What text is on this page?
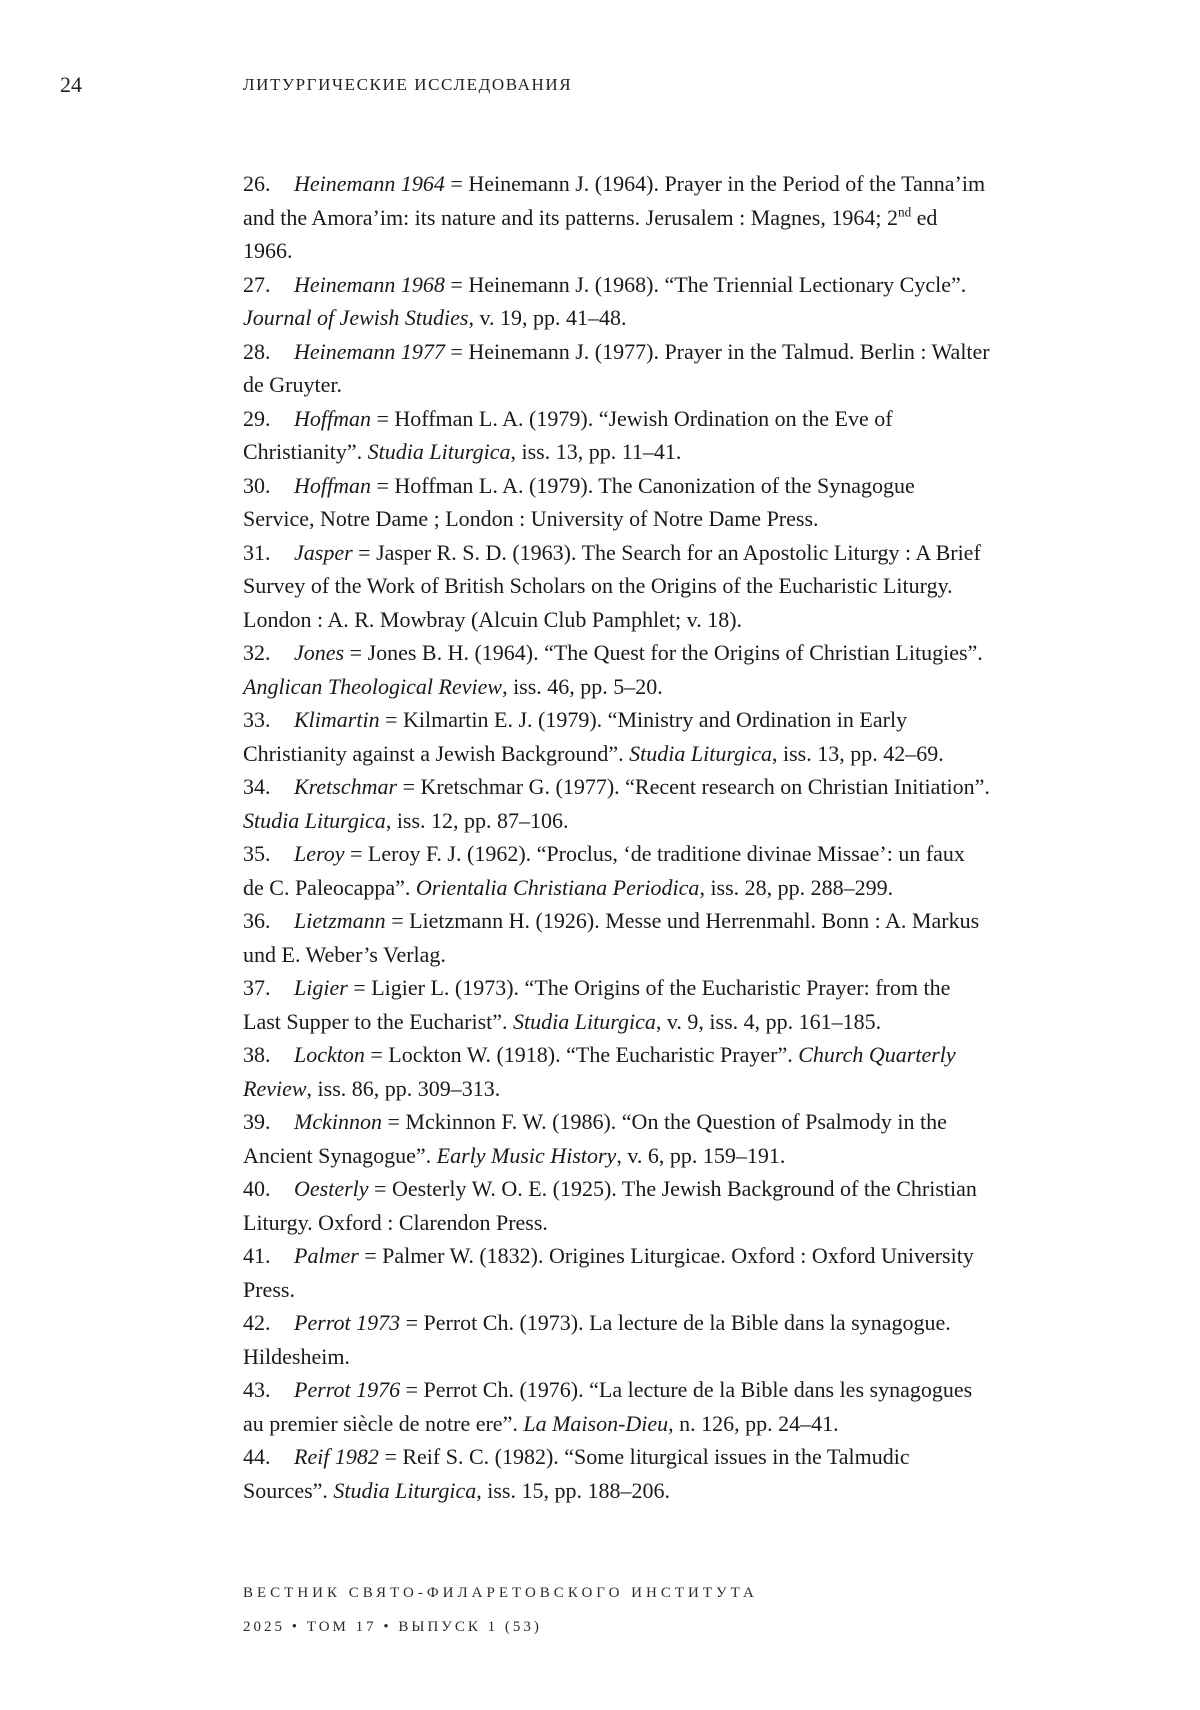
24	ЛИТУРГИЧЕСКИЕ ИССЛЕДОВАНИЯ

26. Heinemann 1964 = Heinemann J. (1964). Prayer in the Period of the Tanna’im and the Amora’im: its nature and its patterns. Jerusalem : Magnes, 1964; 2nd ed 1966.

27. Heinemann 1968 = Heinemann J. (1968). “The Triennial Lectionary Cycle”. Journal of Jewish Studies, v. 19, pp. 41–48.

28. Heinemann 1977 = Heinemann J. (1977). Prayer in the Talmud. Berlin : Walter de Gruyter.

29. Hoffman = Hoffman L. A. (1979). “Jewish Ordination on the Eve of Christianity”. Studia Liturgica, iss. 13, pp. 11–41.

30. Hoffman = Hoffman L. A. (1979). The Canonization of the Synagogue Service, Notre Dame ; London : University of Notre Dame Press.

31. Jasper = Jasper R. S. D. (1963). The Search for an Apostolic Liturgy : A Brief Survey of the Work of British Scholars on the Origins of the Eucharistic Liturgy. London : A. R. Mowbray (Alcuin Club Pamphlet; v. 18).

32. Jones = Jones B. H. (1964). “The Quest for the Origins of Christian Litugies”. Anglican Theological Review, iss. 46, pp. 5–20.

33. Klimartin = Kilmartin E. J. (1979). “Ministry and Ordination in Early Christianity against a Jewish Background”. Studia Liturgica, iss. 13, pp. 42–69.

34. Kretschmar = Kretschmar G. (1977). “Recent research on Christian Initiation”. Studia Liturgica, iss. 12, pp. 87–106.

35. Leroy = Leroy F. J. (1962). “Proclus, ‘de traditione divinae Missae’: un faux de C. Paleocappa”. Orientalia Christiana Periodica, iss. 28, pp. 288–299.

36. Lietzmann = Lietzmann H. (1926). Messe und Herrenmahl. Bonn : A. Markus und E. Weber’s Verlag.

37. Ligier = Ligier L. (1973). “The Origins of the Eucharistic Prayer: from the Last Supper to the Eucharist”. Studia Liturgica, v. 9, iss. 4, pp. 161–185.

38. Lockton = Lockton W. (1918). “The Eucharistic Prayer”. Church Quarterly Review, iss. 86, pp. 309–313.

39. Mckinnon = Mckinnon F. W. (1986). “On the Question of Psalmody in the Ancient Synagogue”. Early Music History, v. 6, pp. 159–191.

40. Oesterly = Oesterly W. O. E. (1925). The Jewish Background of the Christian Liturgy. Oxford : Clarendon Press.

41. Palmer = Palmer W. (1832). Origines Liturgicae. Oxford : Oxford University Press.

42. Perrot 1973 = Perrot Ch. (1973). La lecture de la Bible dans la synagogue. Hildesheim.

43. Perrot 1976 = Perrot Ch. (1976). “La lecture de la Bible dans les synagogues au premier siècle de notre ere”. La Maison-Dieu, n. 126, pp. 24–41.

44. Reif 1982 = Reif S. C. (1982). “Some liturgical issues in the Talmudic Sources”. Studia Liturgica, iss. 15, pp. 188–206.

ВЕСТНИК СВЯТО-ФИЛАРЕТОВСКОГО ИНСТИТУТА
2025 • ТОМ 17 • ВЫПУСК 1 (53)
